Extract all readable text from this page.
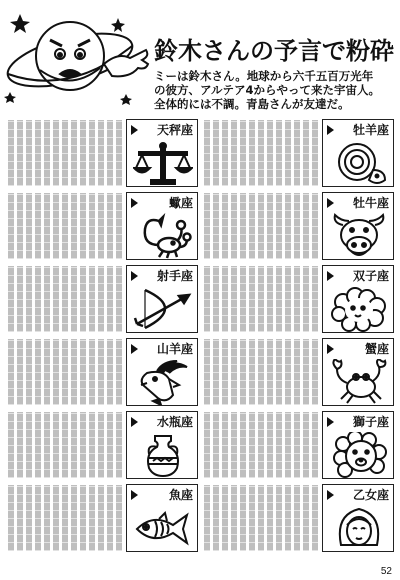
鈴木さんの予言で粉砕
ミーは鈴木さん。地球から六千五百万光年
の彼方、アルテア4からやって来た宇宙人。
全体的には不調。青島さんが友達だ。
天秤座
蠍座
射手座
山羊座
水瓶座
魚座
牡羊座
牡牛座
双子座
蟹座
獅子座
乙女座
52
